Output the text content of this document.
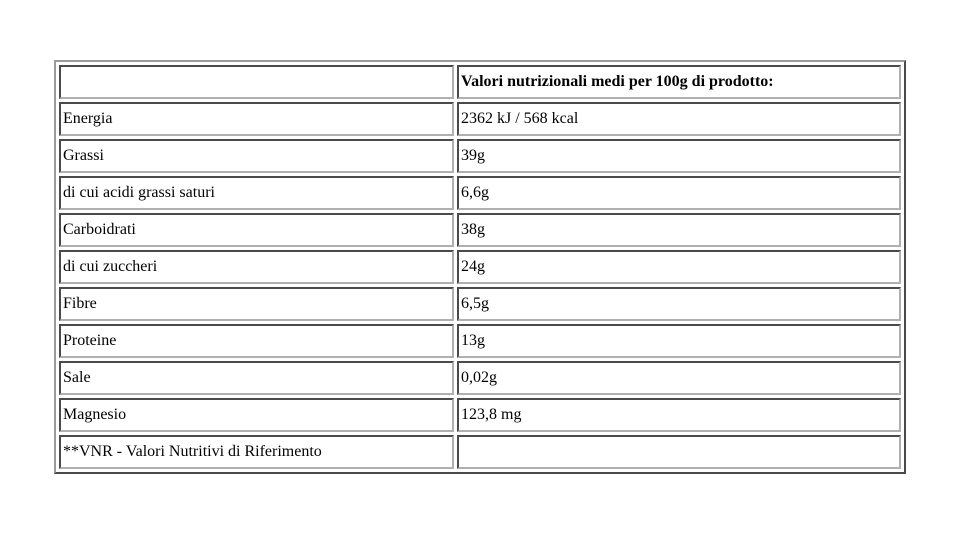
	Valori nutrizionali medi per 100g di prodotto:
Energia	2362 kJ / 568 kcal
Grassi	39g
di cui acidi grassi saturi	6,6g
Carboidrati	38g
di cui zuccheri	24g
Fibre	6,5g
Proteine	13g
Sale	0,02g
Magnesio	123,8 mg
**VNR - Valori Nutritivi di Riferimento	
